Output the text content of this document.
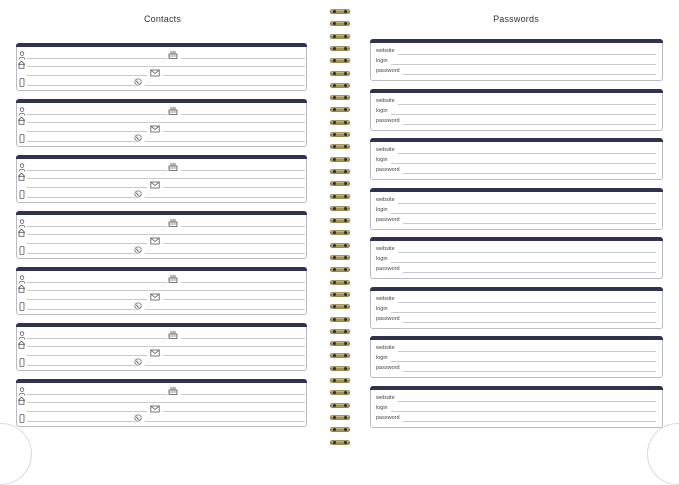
Contacts	Passwords
website
login
password
website
login
password
website
login
password
website
login
password
website
login
password
website
login
password
website
login
password
website
login
password
